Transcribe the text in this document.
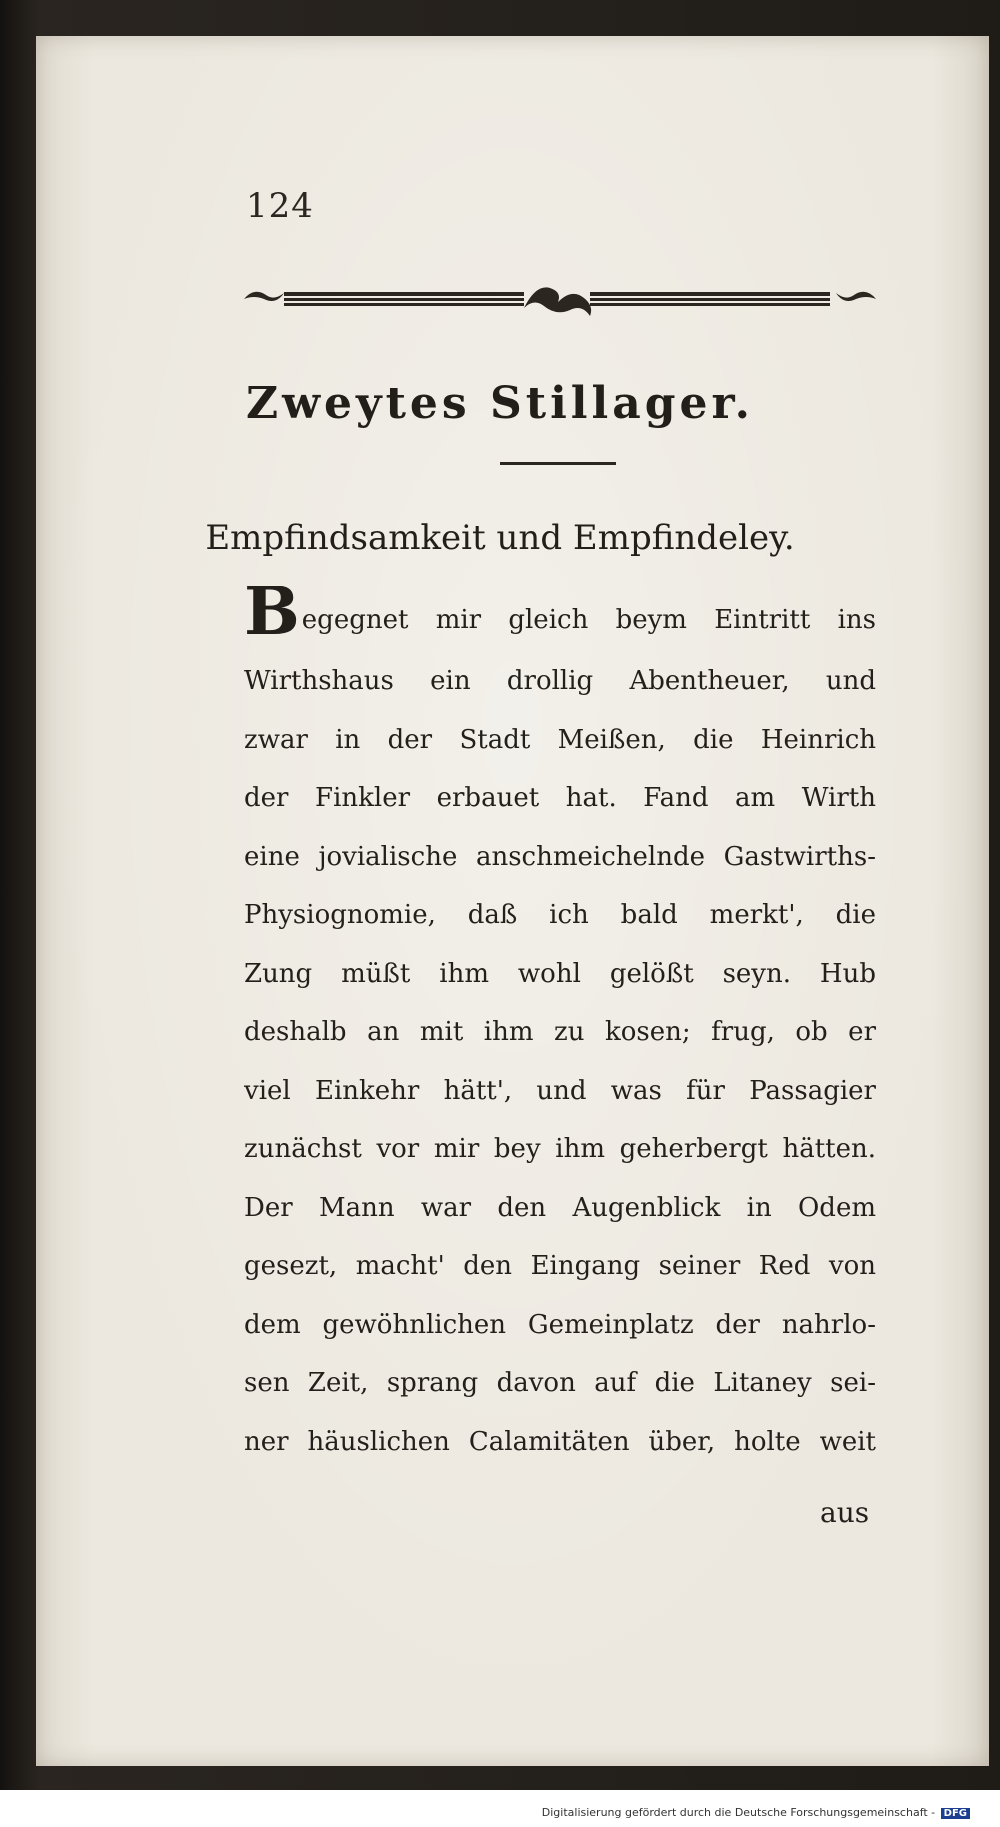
124
Zweytes Stillager.
Empfindsamkeit und Empfindeley.
Begegnet mir gleich beym Eintritt ins
Wirthshaus ein drollig Abentheuer, und
zwar in der Stadt Meißen, die Heinrich
der Finkler erbauet hat. Fand am Wirth
eine jovialische anschmeichelnde Gastwirths-
Physiognomie, daß ich bald merkt', die
Zung müßt ihm wohl gelößt seyn. Hub
deshalb an mit ihm zu kosen; frug, ob er
viel Einkehr hätt', und was für Passagier
zunächst vor mir bey ihm geherbergt hätten.
Der Mann war den Augenblick in Odem
gesezt, macht' den Eingang seiner Red von
dem gewöhnlichen Gemeinplatz der nahrlo-
sen Zeit, sprang davon auf die Litaney sei-
ner häuslichen Calamitäten über, holte weit
aus
Digitalisierung gefördert durch die Deutsche Forschungsgemeinschaft - DFG
